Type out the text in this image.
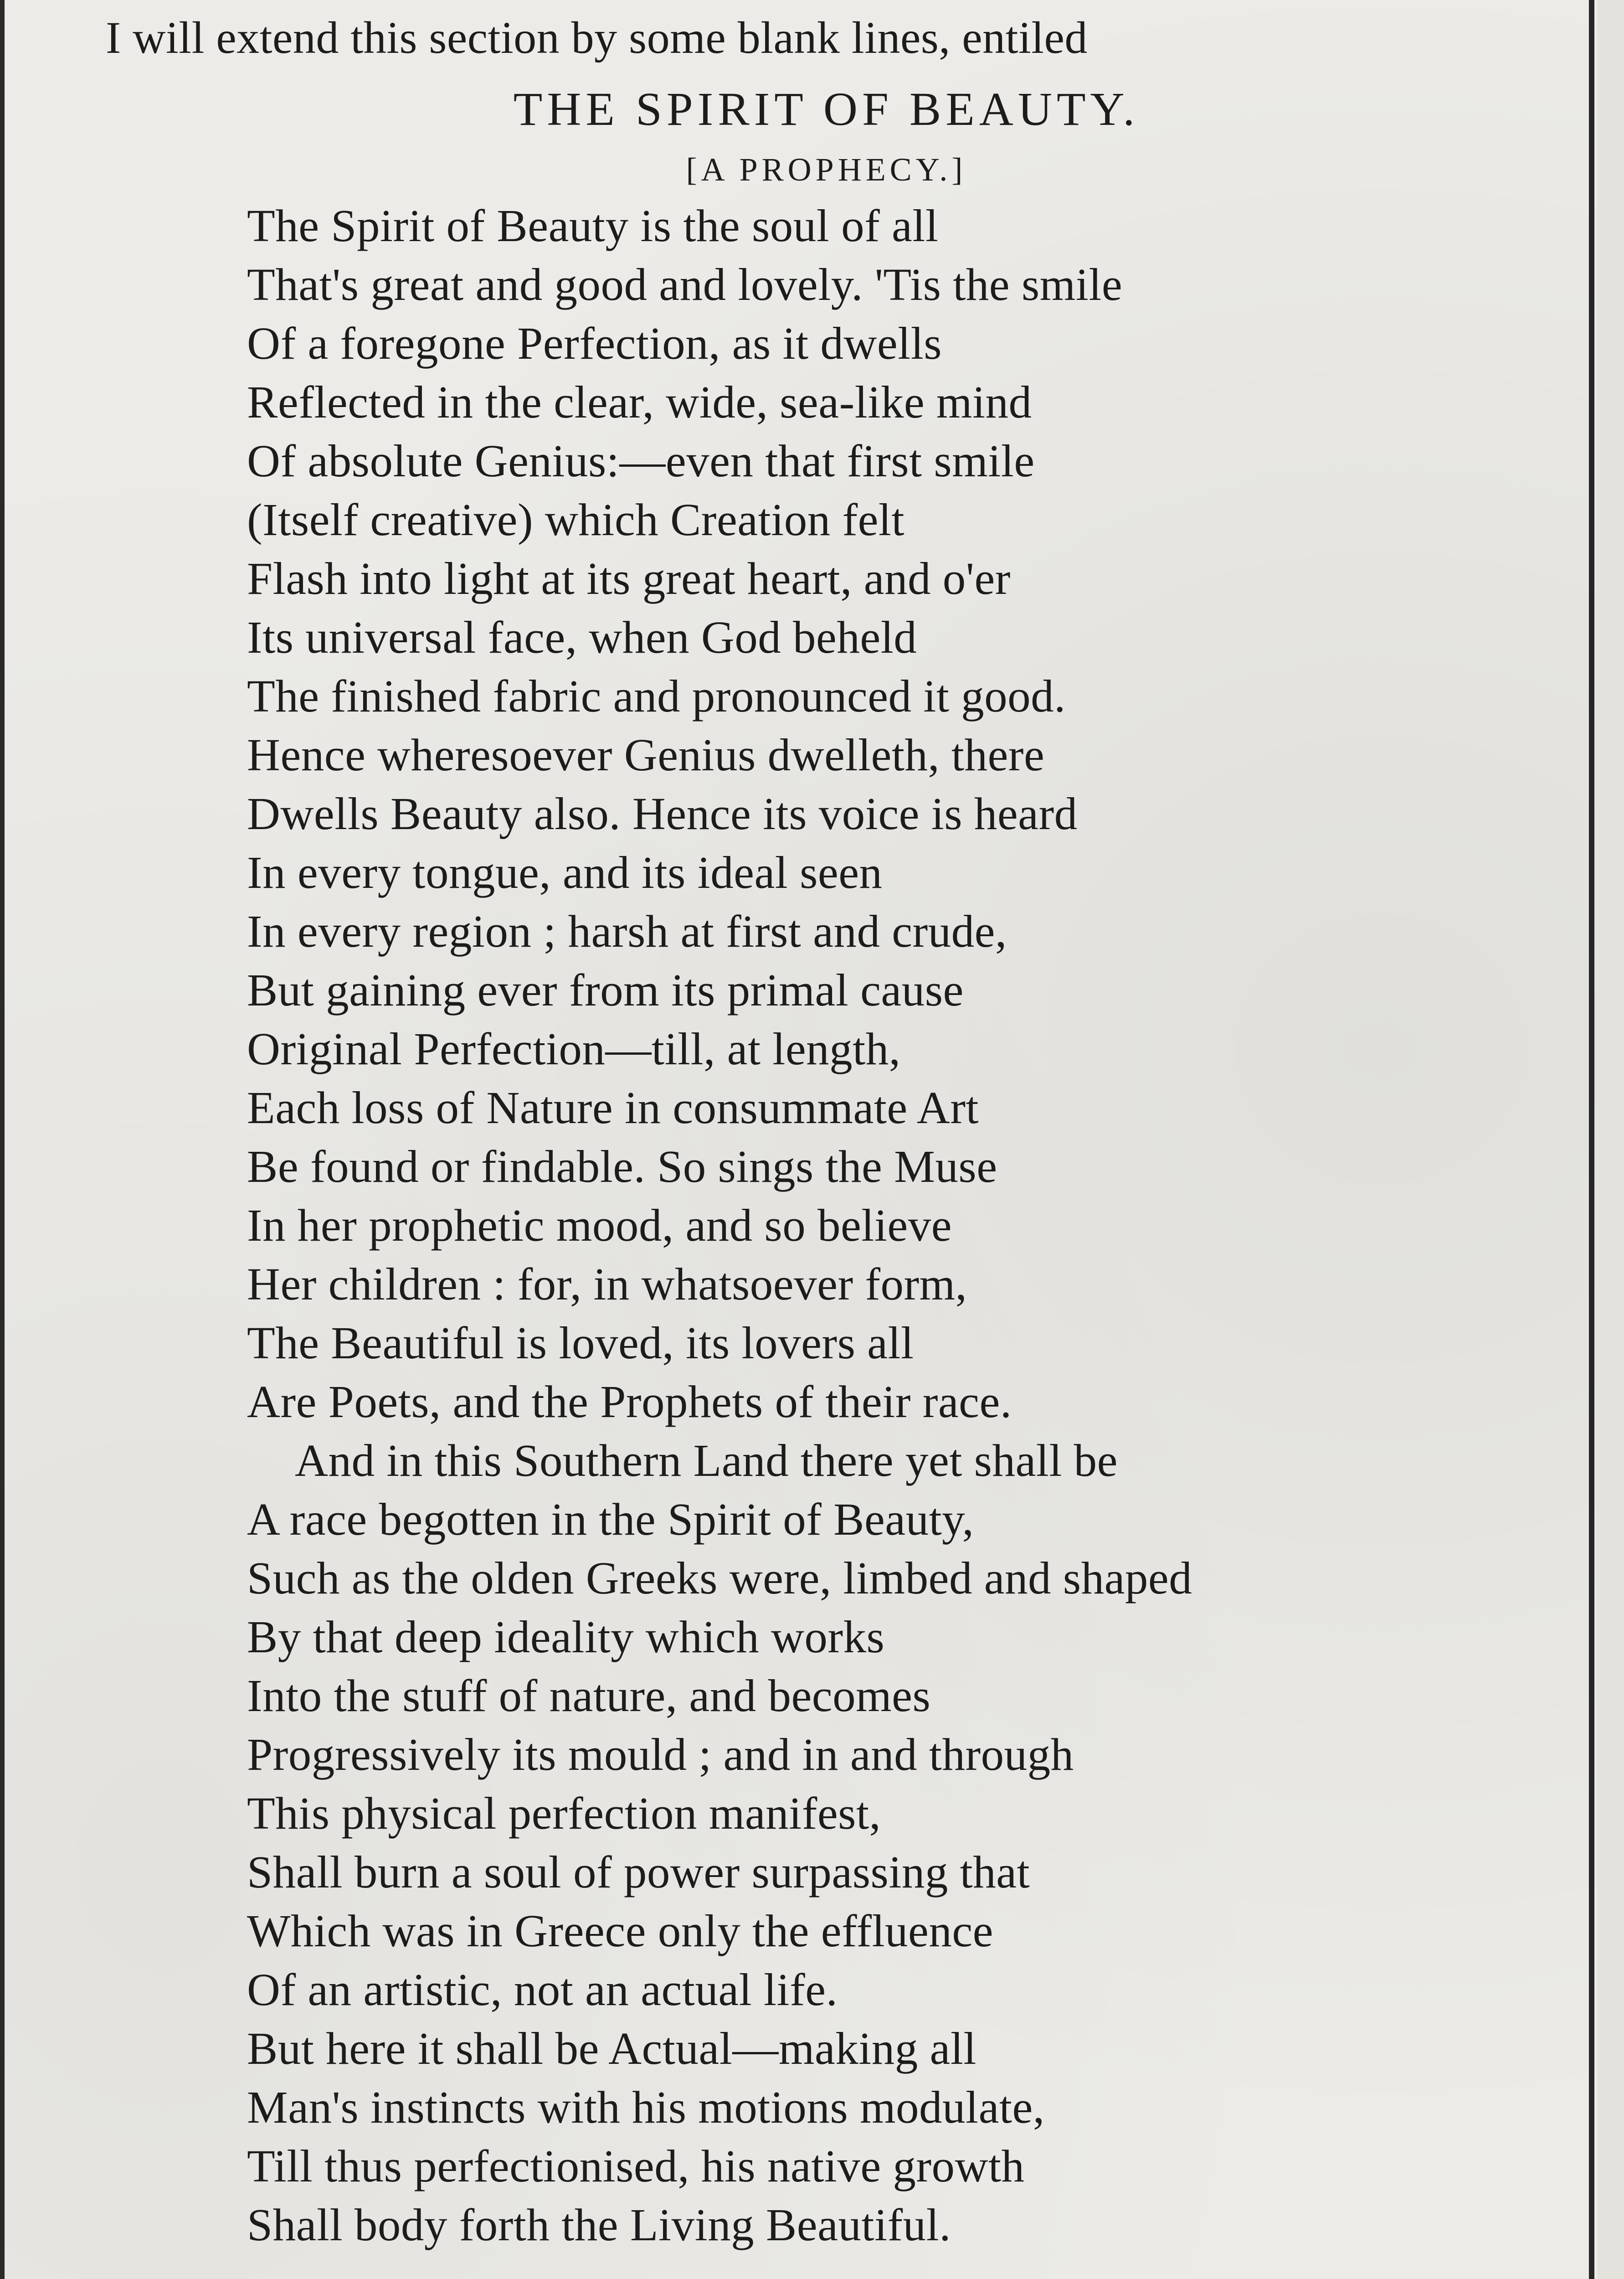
I will extend this section by some blank lines, entiled
THE SPIRIT OF BEAUTY.
[A PROPHECY.]
The Spirit of Beauty is the soul of all
That's great and good and lovely. 'Tis the smile
Of a foregone Perfection, as it dwells
Reflected in the clear, wide, sea-like mind
Of absolute Genius:—even that first smile
(Itself creative) which Creation felt
Flash into light at its great heart, and o'er
Its universal face, when God beheld
The finished fabric and pronounced it good.
Hence wheresoever Genius dwelleth, there
Dwells Beauty also. Hence its voice is heard
In every tongue, and its ideal seen
In every region ; harsh at first and crude,
But gaining ever from its primal cause
Original Perfection—till, at length,
Each loss of Nature in consummate Art
Be found or findable. So sings the Muse
In her prophetic mood, and so believe
Her children : for, in whatsoever form,
The Beautiful is loved, its lovers all
Are Poets, and the Prophets of their race.
And in this Southern Land there yet shall be
A race begotten in the Spirit of Beauty,
Such as the olden Greeks were, limbed and shaped
By that deep ideality which works
Into the stuff of nature, and becomes
Progressively its mould ; and in and through
This physical perfection manifest,
Shall burn a soul of power surpassing that
Which was in Greece only the effluence
Of an artistic, not an actual life.
But here it shall be Actual—making all
Man's instincts with his motions modulate,
Till thus perfectionised, his native growth
Shall body forth the Living Beautiful.
